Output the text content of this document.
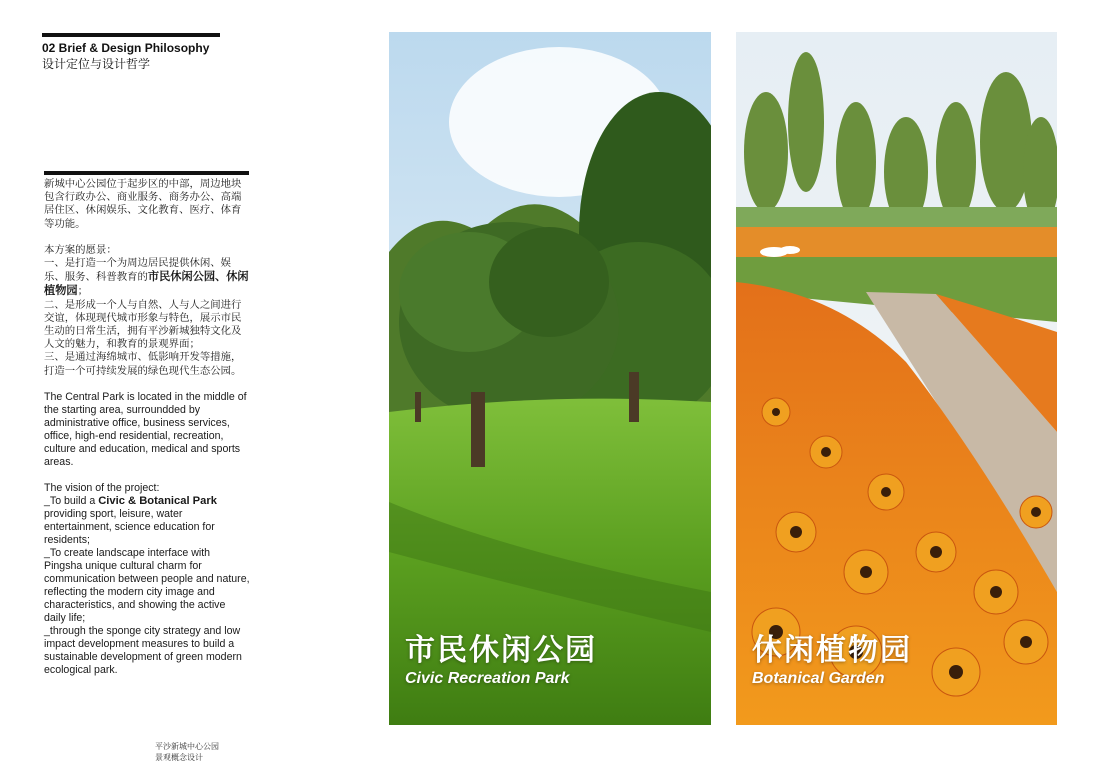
02 Brief & Design Philosophy
设计定位与设计哲学

新城中心公园位于起步区的中部，周边地块包含行政办公、商业服务、商务办公、高端居住区、休闲娱乐、文化教育、医疗、体育等功能。

本方案的愿景：

一、是打造一个为周边居民提供休闲、娱乐、服务、科普教育的市民休闲公园、休闲植物园；

二、是形成一个人与自然、人与人之间进行交谊，体现现代城市形象与特色，展示市民生动的日常生活，拥有平沙新城独特文化及人文的魅力，和教育的景观界面；

三、是通过海绵城市、低影响开发等措施，打造一个可持续发展的绿色现代生态公园。

The Central Park is located in the middle of the starting area, surroundded by administrative office, business services, office, high-end residential, recreation, culture and education, medical and sports areas.

The vision of the project:

_To build a Civic & Botanical Park providing sport, leisure, water entertainment, science education for residents;

_To create landscape interface with Pingsha unique cultural charm for communication between people and nature, reflecting the modern city image and characteristics, and showing the active daily life;

_through the sponge city strategy and low impact development measures to build a sustainable development of green modern ecological park.

平沙新城中心公园
景观概念设计
市民休闲公园
Civic Recreation Park
休闲植物园
Botanical Garden
